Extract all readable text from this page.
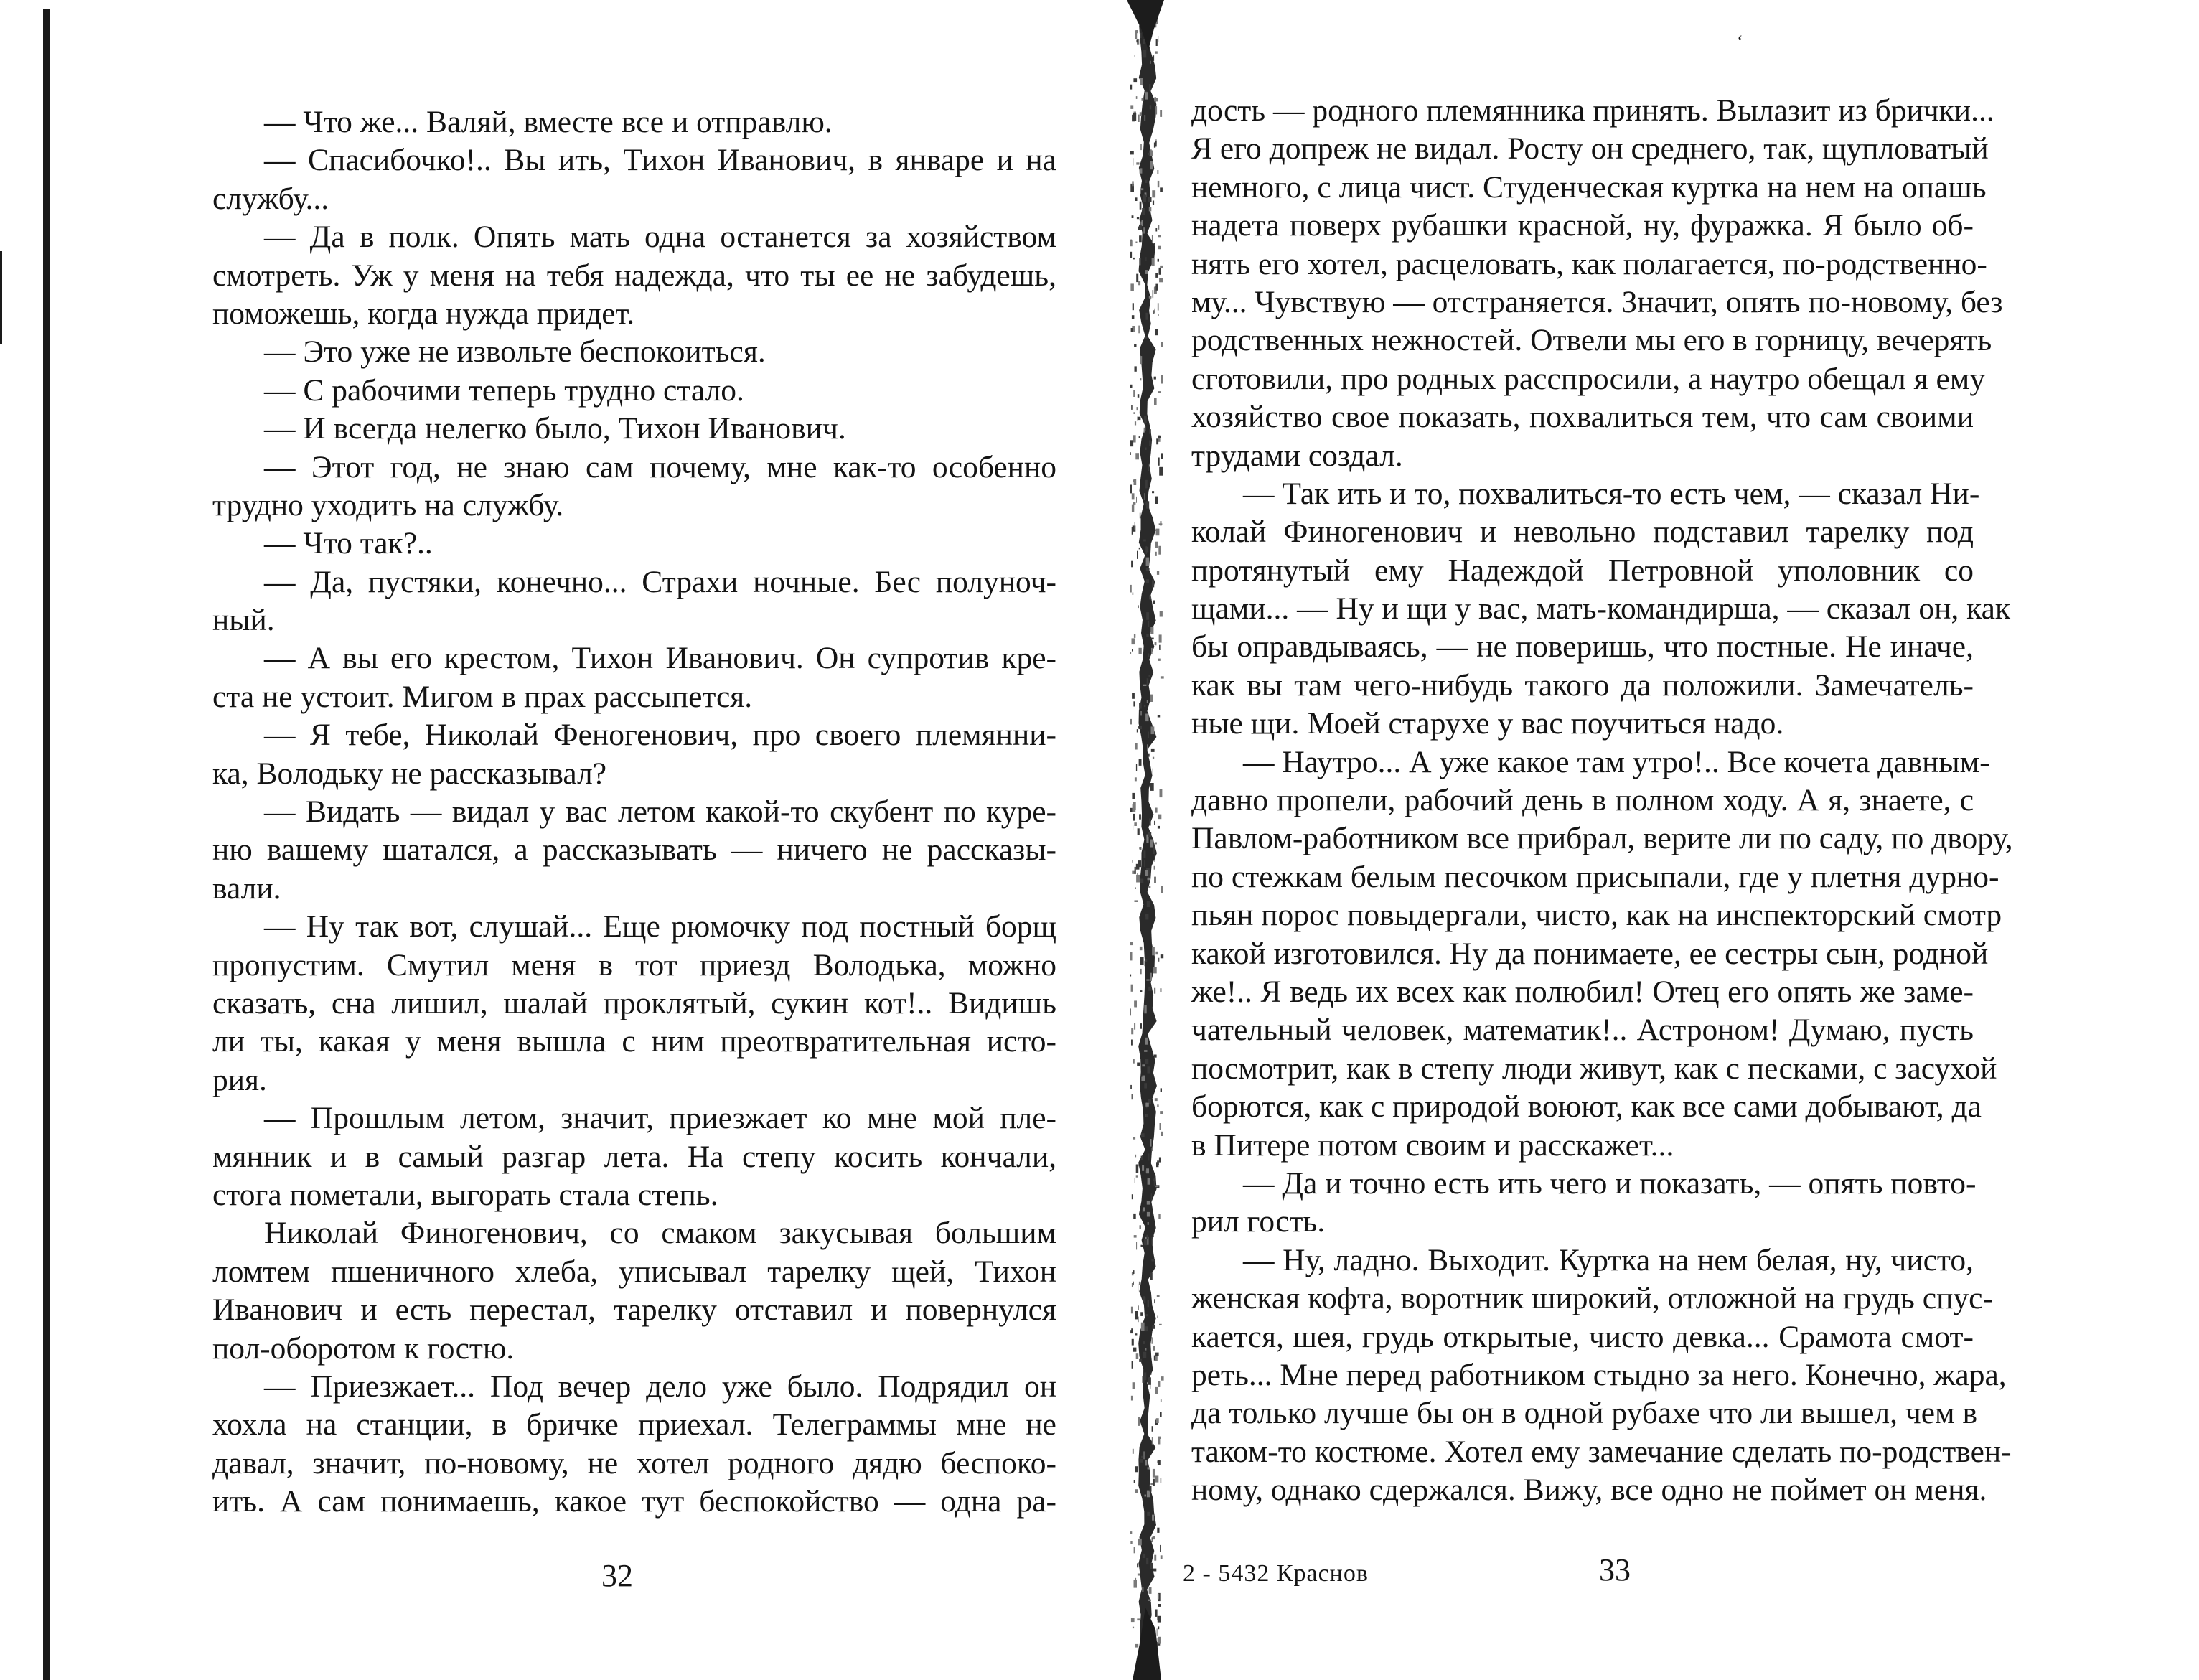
— Что же... Валяй, вместе все и отправлю.
— Спасибочко!.. Вы ить, Тихон Иванович, в январе и на
службу...
— Да в полк. Опять мать одна останется за хозяйством
смотреть. Уж у меня на тебя надежда, что ты ее не забудешь,
поможешь, когда нужда придет.
— Это уже не извольте беспокоиться.
— С рабочими теперь трудно стало.
— И всегда нелегко было, Тихон Иванович.
— Этот год, не знаю сам почему, мне как-то особенно
трудно уходить на службу.
— Что так?..
— Да, пустяки, конечно... Страхи ночные. Бес полуноч-
ный.
— А вы его крестом, Тихон Иванович. Он супротив кре-
ста не устоит. Мигом в прах рассыпется.
— Я тебе, Николай Феногенович, про своего племянни-
ка, Володьку не рассказывал?
— Видать — видал у вас летом какой-то скубент по куре-
ню вашему шатался, а рассказывать — ничего не рассказы-
вали.
— Ну так вот, слушай... Еще рюмочку под постный борщ
пропустим. Смутил меня в тот приезд Володька, можно
сказать, сна лишил, шалай проклятый, сукин кот!.. Видишь
ли ты, какая у меня вышла с ним преотвратительная исто-
рия.
— Прошлым летом, значит, приезжает ко мне мой пле-
мянник и в самый разгар лета. На степу косить кончали,
стога пометали, выгорать стала степь.
Николай Финогенович, со смаком закусывая большим
ломтем пшеничного хлеба, уписывал тарелку щей, Тихон
Иванович и есть перестал, тарелку отставил и повернулся
пол-оборотом к гостю.
— Приезжает... Под вечер дело уже было. Подрядил он
хохла на станции, в бричке приехал. Телеграммы мне не
давал, значит, по-новому, не хотел родного дядю беспоко-
ить. А сам понимаешь, какое тут беспокойство — одна ра-
32
дость — родного племянника принять. Вылазит из брички...
Я его допреж не видал. Росту он среднего, так, щупловатый
немного, с лица чист. Студенческая куртка на нем на опашь
надета поверх рубашки красной, ну, фуражка. Я было об-
нять его хотел, расцеловать, как полагается, по-родственно-
му... Чувствую — отстраняется. Значит, опять по-новому, без
родственных нежностей. Отвели мы его в горницу, вечерять
сготовили, про родных расспросили, а наутро обещал я ему
хозяйство свое показать, похвалиться тем, что сам своими
трудами создал.
— Так ить и то, похвалиться-то есть чем, — сказал Ни-
колай Финогенович и невольно подставил тарелку под
протянутый ему Надеждой Петровной уполовник со
щами... — Ну и щи у вас, мать-командирша, — сказал он, как
бы оправдываясь, — не поверишь, что постные. Не иначе,
как вы там чего-нибудь такого да положили. Замечатель-
ные щи. Моей старухе у вас поучиться надо.
— Наутро... А уже какое там утро!.. Все кочета давным-
давно пропели, рабочий день в полном ходу. А я, знаете, с
Павлом-работником все прибрал, верите ли по саду, по двору,
по стежкам белым песочком присыпали, где у плетня дурно-
пьян порос повыдергали, чисто, как на инспекторский смотр
какой изготовился. Ну да понимаете, ее сестры сын, родной
же!.. Я ведь их всех как полюбил! Отец его опять же заме-
чательный человек, математик!.. Астроном! Думаю, пусть
посмотрит, как в степу люди живут, как с песками, с засухой
борются, как с природой воюют, как все сами добывают, да
в Питере потом своим и расскажет...
— Да и точно есть ить чего и показать, — опять повто-
рил гость.
— Ну, ладно. Выходит. Куртка на нем белая, ну, чисто,
женская кофта, воротник широкий, отложной на грудь спус-
кается, шея, грудь открытые, чисто девка... Срамота смот-
реть... Мне перед работником стыдно за него. Конечно, жара,
да только лучше бы он в одной рубахе что ли вышел, чем в
таком-то костюме. Хотел ему замечание сделать по-родствен-
ному, однако сдержался. Вижу, все одно не поймет он меня.
2 - 5432 Краснов	33
‘
